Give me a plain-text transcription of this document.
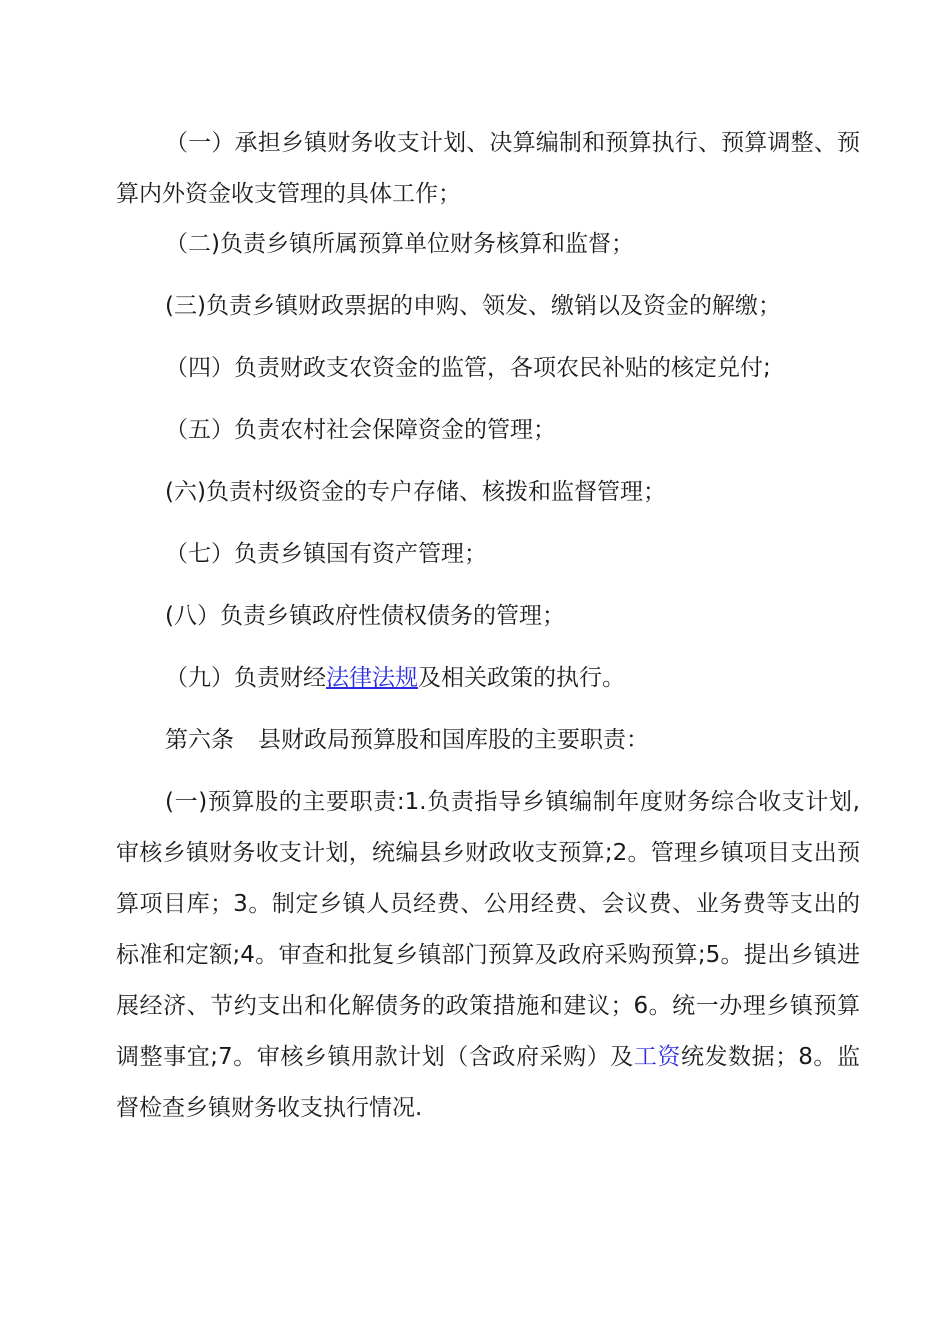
（一）承担乡镇财务收支计划、决算编制和预算执行、预算调整、预算内外资金收支管理的具体工作；

（二)负责乡镇所属预算单位财务核算和监督；

(三)负责乡镇财政票据的申购、领发、缴销以及资金的解缴；

（四）负责财政支农资金的监管，各项农民补贴的核定兑付;

（五）负责农村社会保障资金的管理；

(六)负责村级资金的专户存储、核拨和监督管理；

（七）负责乡镇国有资产管理；

(八）负责乡镇政府性债权债务的管理；

（九）负责财经法律法规及相关政策的执行。

第六条 县财政局预算股和国库股的主要职责：

(一)预算股的主要职责:1.负责指导乡镇编制年度财务综合收支计划,审核乡镇财务收支计划，统编县乡财政收支预算;2。管理乡镇项目支出预算项目库；3。制定乡镇人员经费、公用经费、会议费、业务费等支出的标准和定额;4。审查和批复乡镇部门预算及政府采购预算;5。提出乡镇进展经济、节约支出和化解债务的政策措施和建议；6。统一办理乡镇预算调整事宜;7。审核乡镇用款计划（含政府采购）及工资统发数据；8。监督检查乡镇财务收支执行情况.
